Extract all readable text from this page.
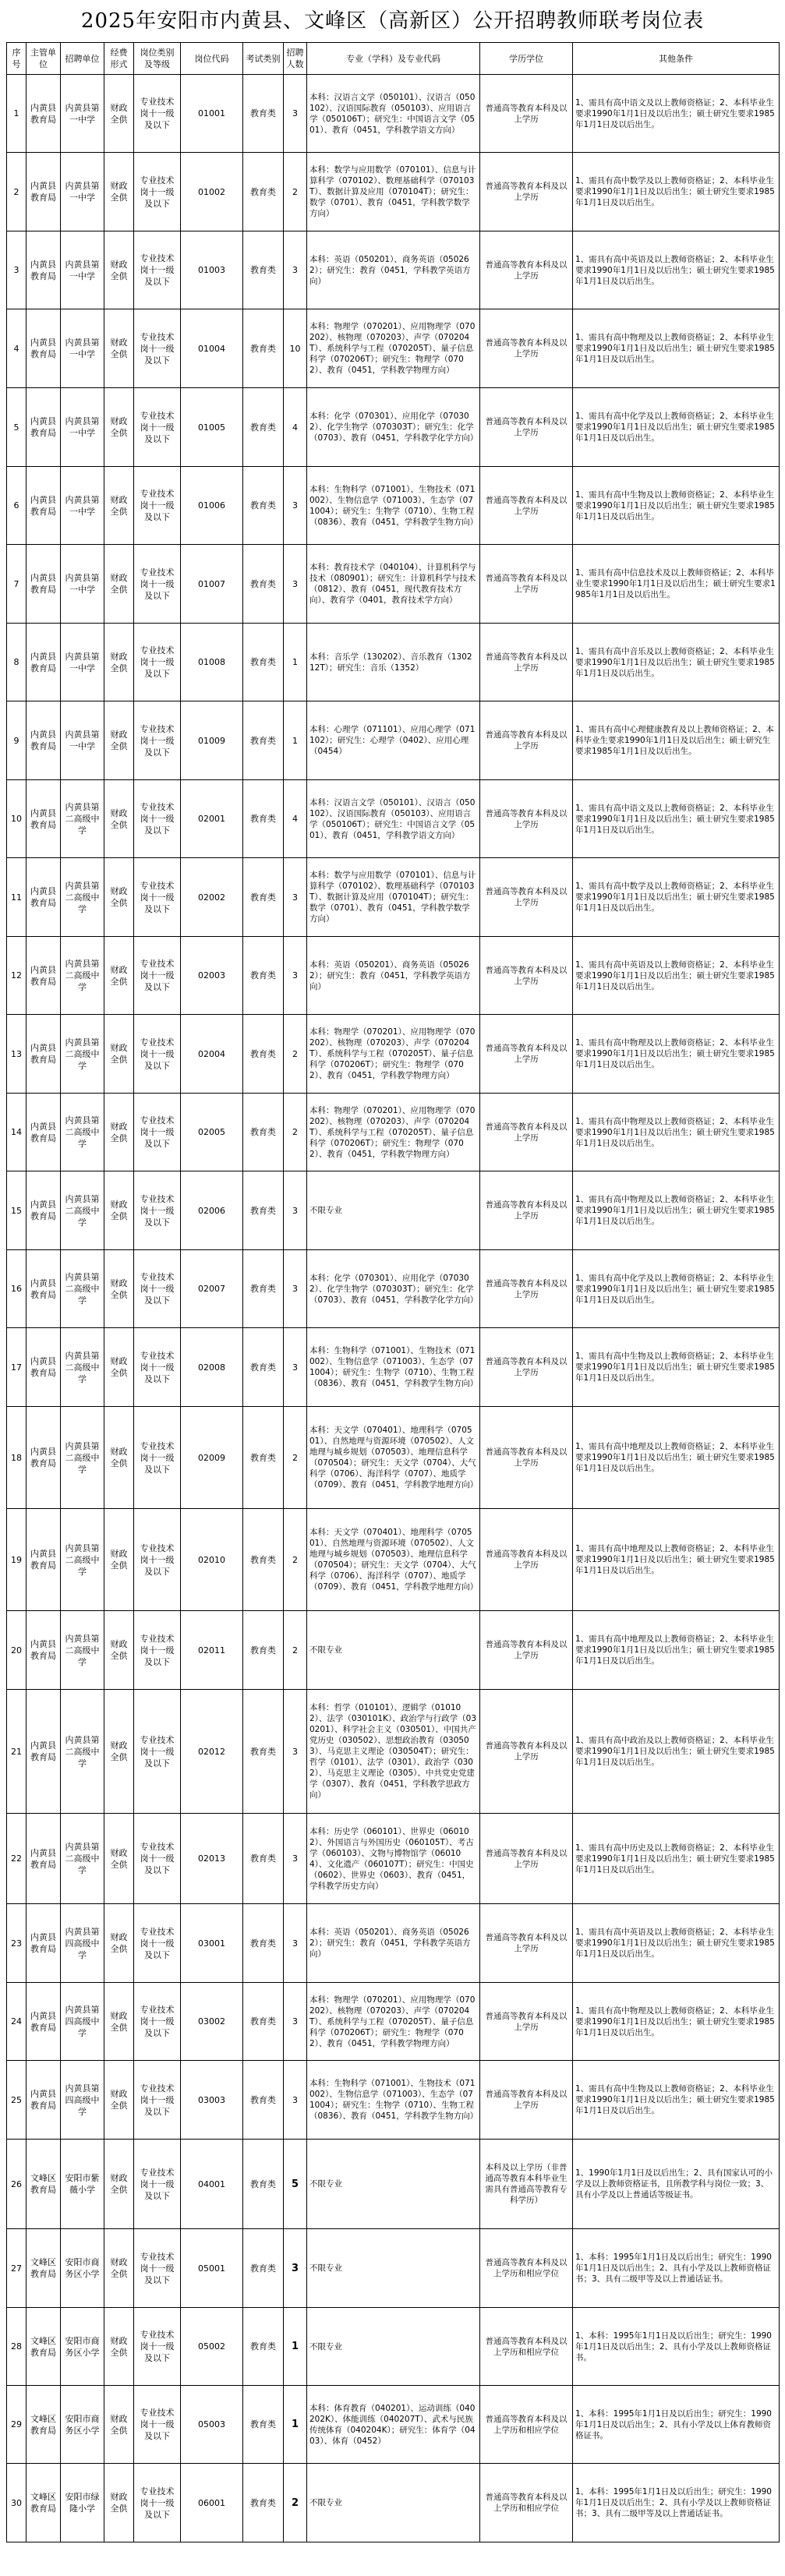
2025年安阳市内黄县、文峰区（高新区）公开招聘教师联考岗位表
序号	主管单位	招聘单位	经费形式	岗位类别及等级	岗位代码	考试类别	招聘人数	专业（学科）及专业代码	学历学位	其他条件
1	内黄县教育局	内黄县第一中学	财政全供	专业技术岗十一级及以下	01001	教育类	3	本科：汉语言文学（050101）、汉语言（050102）、汉语国际教育（050103）、应用语言学（050106T）；研究生：中国语言文学（0501）、教育（0451，学科教学语文方向）	普通高等教育本科及以上学历	1、需具有高中语文及以上教师资格证；2、本科毕业生要求1990年1月1日及以后出生；硕士研究生要求1985年1月1日及以后出生。
2	内黄县教育局	内黄县第一中学	财政全供	专业技术岗十一级及以下	01002	教育类	2	本科：数学与应用数学（070101）、信息与计算科学（070102）、数理基础科学（070103T）、数据计算及应用（070104T）；研究生：数学（0701）、教育（0451，学科教学数学方向）	普通高等教育本科及以上学历	1、需具有高中数学及以上教师资格证；2、本科毕业生要求1990年1月1日及以后出生；硕士研究生要求1985年1月1日及以后出生。
3	内黄县教育局	内黄县第一中学	财政全供	专业技术岗十一级及以下	01003	教育类	3	本科：英语（050201）、商务英语（050262）；研究生：教育（0451，学科教学英语方向）	普通高等教育本科及以上学历	1、需具有高中英语及以上教师资格证；2、本科毕业生要求1990年1月1日及以后出生；硕士研究生要求1985年1月1日及以后出生。
4	内黄县教育局	内黄县第一中学	财政全供	专业技术岗十一级及以下	01004	教育类	10	本科：物理学（070201）、应用物理学（070202）、核物理（070203）、声学（070204T）、系统科学与工程（070205T）、量子信息科学（070206T）；研究生：物理学（0702）、教育（0451，学科教学物理方向）	普通高等教育本科及以上学历	1、需具有高中物理及以上教师资格证；2、本科毕业生要求1990年1月1日及以后出生；硕士研究生要求1985年1月1日及以后出生。
5	内黄县教育局	内黄县第一中学	财政全供	专业技术岗十一级及以下	01005	教育类	4	本科：化学（070301）、应用化学（070302）、化学生物学（070303T）；研究生：化学（0703）、教育（0451，学科教学化学方向）	普通高等教育本科及以上学历	1、需具有高中化学及以上教师资格证；2、本科毕业生要求1990年1月1日及以后出生；硕士研究生要求1985年1月1日及以后出生。
6	内黄县教育局	内黄县第一中学	财政全供	专业技术岗十一级及以下	01006	教育类	3	本科：生物科学（071001）、生物技术（071002）、生物信息学（071003）、生态学（071004）；研究生：生物学（0710）、生物工程（0836）、教育（0451，学科教学生物方向）	普通高等教育本科及以上学历	1、需具有高中生物及以上教师资格证；2、本科毕业生要求1990年1月1日及以后出生；硕士研究生要求1985年1月1日及以后出生。
7	内黄县教育局	内黄县第一中学	财政全供	专业技术岗十一级及以下	01007	教育类	3	本科：教育技术学（040104）、计算机科学与技术（080901）；研究生：计算机科学与技术（0812）、教育（0451，现代教育技术方向）、教育学（0401，教育技术学方向）	普通高等教育本科及以上学历	1、需具有高中信息技术及以上教师资格证；2、本科毕业生要求1990年1月1日及以后出生；硕士研究生要求1985年1月1日及以后出生。
8	内黄县教育局	内黄县第一中学	财政全供	专业技术岗十一级及以下	01008	教育类	1	本科：音乐学（130202）、音乐教育（130212T）；研究生：音乐（1352）	普通高等教育本科及以上学历	1、需具有高中音乐及以上教师资格证；2、本科毕业生要求1990年1月1日及以后出生；硕士研究生要求1985年1月1日及以后出生。
9	内黄县教育局	内黄县第一中学	财政全供	专业技术岗十一级及以下	01009	教育类	1	本科：心理学（071101）、应用心理学（071102）；研究生：心理学（0402）、应用心理（0454）	普通高等教育本科及以上学历	1、需具有高中心理健康教育及以上教师资格证；2、本科毕业生要求1990年1月1日及以后出生；硕士研究生要求1985年1月1日及以后出生。
10	内黄县教育局	内黄县第二高级中学	财政全供	专业技术岗十一级及以下	02001	教育类	4	本科：汉语言文学（050101）、汉语言（050102）、汉语国际教育（050103）、应用语言学（050106T）；研究生：中国语言文学（0501）、教育（0451，学科教学语文方向）	普通高等教育本科及以上学历	1、需具有高中语文及以上教师资格证；2、本科毕业生要求1990年1月1日及以后出生；硕士研究生要求1985年1月1日及以后出生。
11	内黄县教育局	内黄县第二高级中学	财政全供	专业技术岗十一级及以下	02002	教育类	3	本科：数学与应用数学（070101）、信息与计算科学（070102）、数理基础科学（070103T）、数据计算及应用（070104T）；研究生：数学（0701）、教育（0451，学科教学数学方向）	普通高等教育本科及以上学历	1、需具有高中数学及以上教师资格证；2、本科毕业生要求1990年1月1日及以后出生；硕士研究生要求1985年1月1日及以后出生。
12	内黄县教育局	内黄县第二高级中学	财政全供	专业技术岗十一级及以下	02003	教育类	3	本科：英语（050201）、商务英语（050262）；研究生：教育（0451，学科教学英语方向）	普通高等教育本科及以上学历	1、需具有高中英语及以上教师资格证；2、本科毕业生要求1990年1月1日及以后出生；硕士研究生要求1985年1月1日及以后出生。
13	内黄县教育局	内黄县第二高级中学	财政全供	专业技术岗十一级及以下	02004	教育类	2	本科：物理学（070201）、应用物理学（070202）、核物理（070203）、声学（070204T）、系统科学与工程（070205T）、量子信息科学（070206T）；研究生：物理学（0702）、教育（0451，学科教学物理方向）	普通高等教育本科及以上学历	1、需具有高中物理及以上教师资格证；2、本科毕业生要求1990年1月1日及以后出生；硕士研究生要求1985年1月1日及以后出生。
14	内黄县教育局	内黄县第二高级中学	财政全供	专业技术岗十一级及以下	02005	教育类	2	本科：物理学（070201）、应用物理学（070202）、核物理（070203）、声学（070204T）、系统科学与工程（070205T）、量子信息科学（070206T）；研究生：物理学（0702）、教育（0451，学科教学物理方向）	普通高等教育本科及以上学历	1、需具有高中物理及以上教师资格证；2、本科毕业生要求1990年1月1日及以后出生；硕士研究生要求1985年1月1日及以后出生。
15	内黄县教育局	内黄县第二高级中学	财政全供	专业技术岗十一级及以下	02006	教育类	3	不限专业	普通高等教育本科及以上学历	1、需具有高中物理及以上教师资格证；2、本科毕业生要求1990年1月1日及以后出生；硕士研究生要求1985年1月1日及以后出生。
16	内黄县教育局	内黄县第二高级中学	财政全供	专业技术岗十一级及以下	02007	教育类	3	本科：化学（070301）、应用化学（070302）、化学生物学（070303T）；研究生：化学（0703）、教育（0451，学科教学化学方向）	普通高等教育本科及以上学历	1、需具有高中化学及以上教师资格证；2、本科毕业生要求1990年1月1日及以后出生；硕士研究生要求1985年1月1日及以后出生。
17	内黄县教育局	内黄县第二高级中学	财政全供	专业技术岗十一级及以下	02008	教育类	3	本科：生物科学（071001）、生物技术（071002）、生物信息学（071003）、生态学（071004）；研究生：生物学（0710）、生物工程（0836）、教育（0451，学科教学生物方向）	普通高等教育本科及以上学历	1、需具有高中生物及以上教师资格证；2、本科毕业生要求1990年1月1日及以后出生；硕士研究生要求1985年1月1日及以后出生。
18	内黄县教育局	内黄县第二高级中学	财政全供	专业技术岗十一级及以下	02009	教育类	2	本科：天文学（070401）、地理科学（070501）、自然地理与资源环境（070502）、人文地理与城乡规划（070503）、地理信息科学（070504）；研究生：天文学（0704）、大气科学（0706）、海洋科学（0707）、地质学（0709）、教育（0451，学科教学地理方向）	普通高等教育本科及以上学历	1、需具有高中地理及以上教师资格证；2、本科毕业生要求1990年1月1日及以后出生；硕士研究生要求1985年1月1日及以后出生。
19	内黄县教育局	内黄县第二高级中学	财政全供	专业技术岗十一级及以下	02010	教育类	2	本科：天文学（070401）、地理科学（070501）、自然地理与资源环境（070502）、人文地理与城乡规划（070503）、地理信息科学（070504）；研究生：天文学（0704）、大气科学（0706）、海洋科学（0707）、地质学（0709）、教育（0451，学科教学地理方向）	普通高等教育本科及以上学历	1、需具有高中地理及以上教师资格证；2、本科毕业生要求1990年1月1日及以后出生；硕士研究生要求1985年1月1日及以后出生。
20	内黄县教育局	内黄县第二高级中学	财政全供	专业技术岗十一级及以下	02011	教育类	2	不限专业	普通高等教育本科及以上学历	1、需具有高中地理及以上教师资格证；2、本科毕业生要求1990年1月1日及以后出生；硕士研究生要求1985年1月1日及以后出生。
21	内黄县教育局	内黄县第二高级中学	财政全供	专业技术岗十一级及以下	02012	教育类	3	本科：哲学（010101）、逻辑学（010102）、法学（030101K）、政治学与行政学（030201）、科学社会主义（030501）、中国共产党历史（030502）、思想政治教育（030503）、马克思主义理论（030504T）；研究生：哲学（0101）、法学（0301）、政治学（0302）、马克思主义理论（0305）、中共党史党建学（0307）、教育（0451，学科教学思政方向）	普通高等教育本科及以上学历	1、需具有高中政治及以上教师资格证；2、本科毕业生要求1990年1月1日及以后出生；硕士研究生要求1985年1月1日及以后出生。
22	内黄县教育局	内黄县第二高级中学	财政全供	专业技术岗十一级及以下	02013	教育类	3	本科：历史学（060101）、世界史（060102）、外国语言与外国历史（060105T）、考古学（060103）、文物与博物馆学（060104）、文化遗产（060107T）；研究生：中国史（0602）、世界史（0603）、教育（0451，学科教学历史方向）	普通高等教育本科及以上学历	1、需具有高中历史及以上教师资格证；2、本科毕业生要求1990年1月1日及以后出生；硕士研究生要求1985年1月1日及以后出生。
23	内黄县教育局	内黄县第四高级中学	财政全供	专业技术岗十一级及以下	03001	教育类	3	本科：英语（050201）、商务英语（050262）；研究生：教育（0451，学科教学英语方向）	普通高等教育本科及以上学历	1、需具有高中英语及以上教师资格证；2、本科毕业生要求1990年1月1日及以后出生；硕士研究生要求1985年1月1日及以后出生。
24	内黄县教育局	内黄县第四高级中学	财政全供	专业技术岗十一级及以下	03002	教育类	3	本科：物理学（070201）、应用物理学（070202）、核物理（070203）、声学（070204T）、系统科学与工程（070205T）、量子信息科学（070206T）；研究生：物理学（0702）、教育（0451，学科教学物理方向）	普通高等教育本科及以上学历	1、需具有高中物理及以上教师资格证；2、本科毕业生要求1990年1月1日及以后出生；硕士研究生要求1985年1月1日及以后出生。
25	内黄县教育局	内黄县第四高级中学	财政全供	专业技术岗十一级及以下	03003	教育类	3	本科：生物科学（071001）、生物技术（071002）、生物信息学（071003）、生态学（071004）；研究生：生物学（0710）、生物工程（0836）、教育（0451，学科教学生物方向）	普通高等教育本科及以上学历	1、需具有高中生物及以上教师资格证；2、本科毕业生要求1990年1月1日及以后出生；硕士研究生要求1985年1月1日及以后出生。
26	文峰区教育局	安阳市紫薇小学	财政全供	专业技术岗十一级及以下	04001	教育类	5	不限专业	本科及以上学历（非普通高等教育本科毕业生需具有普通高等教育专科学历）	1、1990年1月1日及以后出生；2、具有国家认可的小学及以上教师资格证书，且所教学科与岗位一致；3、具有小学及以上普通话等级证书。
27	文峰区教育局	安阳市商务区小学	财政全供	专业技术岗十一级及以下	05001	教育类	3	不限专业	普通高等教育本科及以上学历和相应学位	1、本科：1995年1月1日及以后出生；研究生：1990年1月1日及以后出生；2、具有小学及以上教师资格证书；3、具有二级甲等及以上普通话证书。
28	文峰区教育局	安阳市商务区小学	财政全供	专业技术岗十一级及以下	05002	教育类	1	不限专业	普通高等教育本科及以上学历和相应学位	1、本科：1995年1月1日及以后出生；研究生：1990年1月1日及以后出生；2、具有小学及以上教师资格证书。
29	文峰区教育局	安阳市商务区小学	财政全供	专业技术岗十一级及以下	05003	教育类	1	本科：体育教育（040201）、运动训练（040202K）、体能训练（040207T）、武术与民族传统体育（040204K）；研究生：体育学（0403）、体育（0452）	普通高等教育本科及以上学历和相应学位	1、本科：1995年1月1日及以后出生；研究生：1990年1月1日及以后出生；2、具有小学及以上体育教师资格证书。
30	文峰区教育局	安阳市绿隆小学	财政全供	专业技术岗十一级及以下	06001	教育类	2	不限专业	普通高等教育本科及以上学历和相应学位	1、本科：1995年1月1日及以后出生；研究生：1990年1月1日及以后出生；2、具有小学及以上教师资格证书；3、具有二级甲等及以上普通话证书。
